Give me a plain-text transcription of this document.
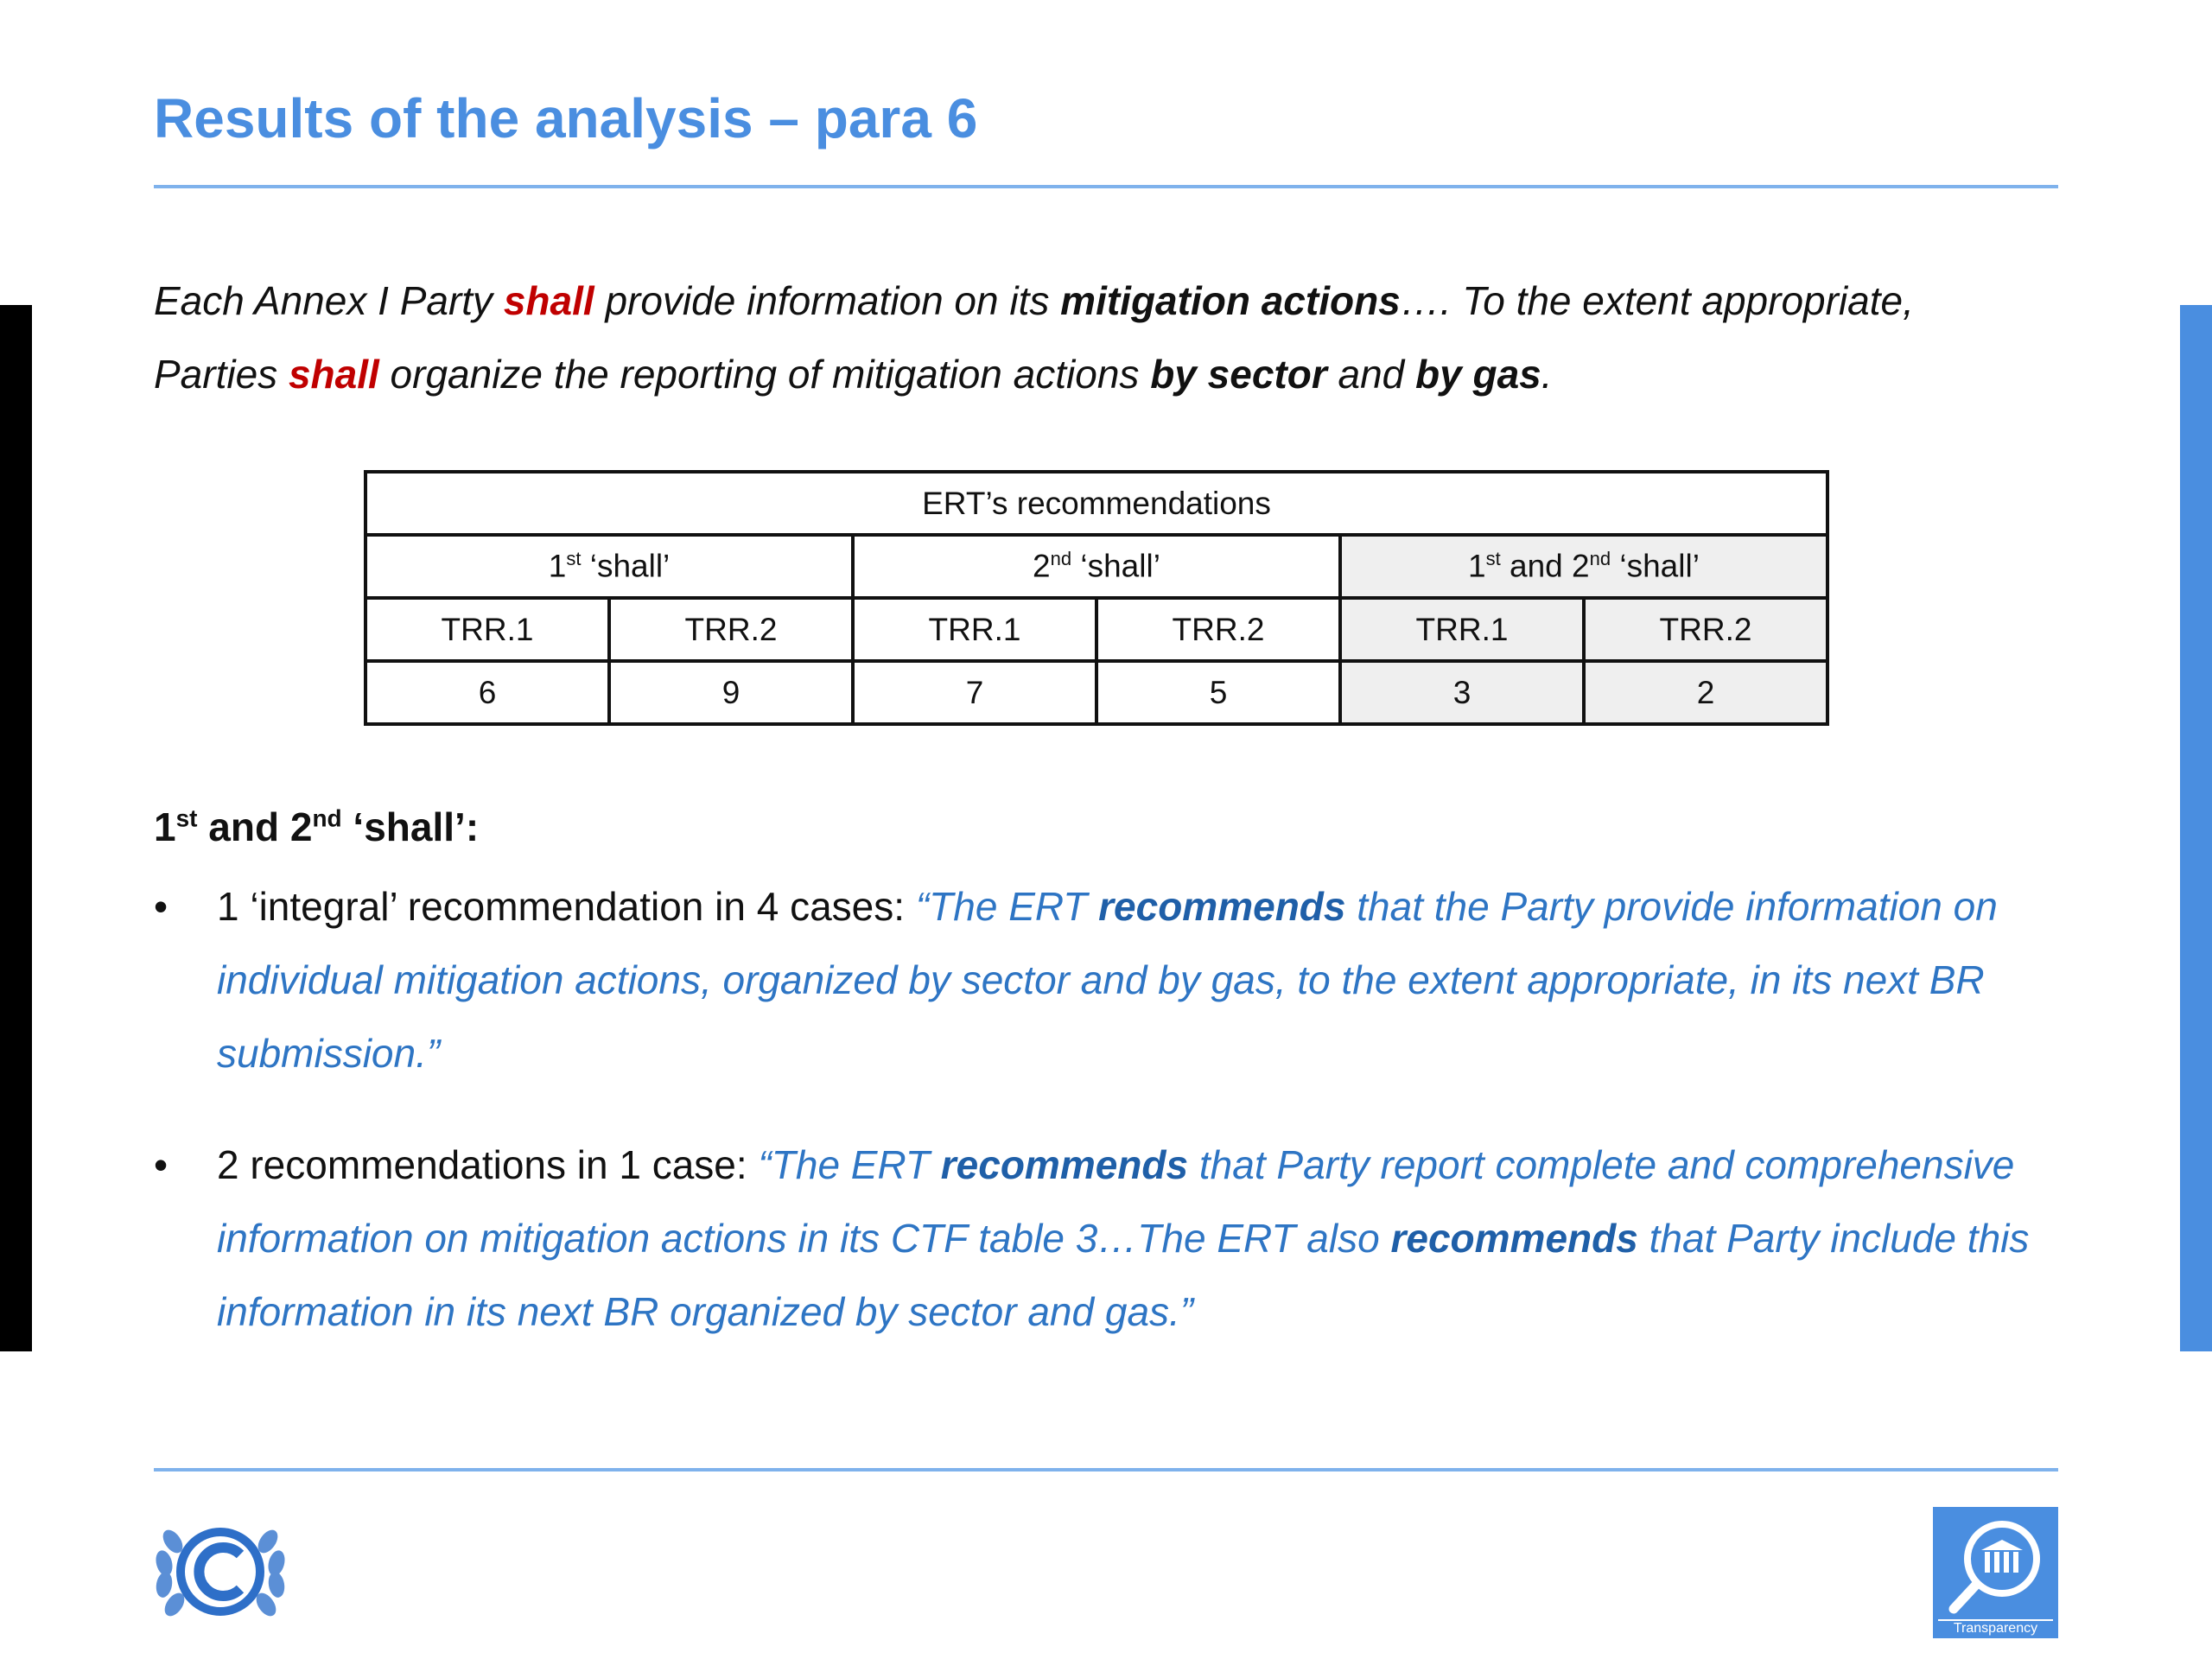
Results of the analysis – para 6

Each Annex I Party shall provide information on its mitigation actions…. To the extent appropriate,
Parties shall organize the reporting of mitigation actions by sector and by gas.

ERT’s recommendations					
1st ‘shall’		2nd ‘shall’		1st and 2nd ‘shall’	
TRR.1	TRR.2	TRR.1	TRR.2	TRR.1	TRR.2
6	9	7	5	3	2
1st and 2nd ‘shall’:
•	1 ‘integral’ recommendation in 4 cases: “The ERT recommends that the Party provide information on individual mitigation actions, organized by sector and by gas, to the extent appropriate, in its next BR submission.”
•	2 recommendations in 1 case: “The ERT recommends that Party report complete and comprehensive information on mitigation actions in its CTF table 3…The ERT also recommends that Party include this information in its next BR organized by sector and gas.”
Transparency
